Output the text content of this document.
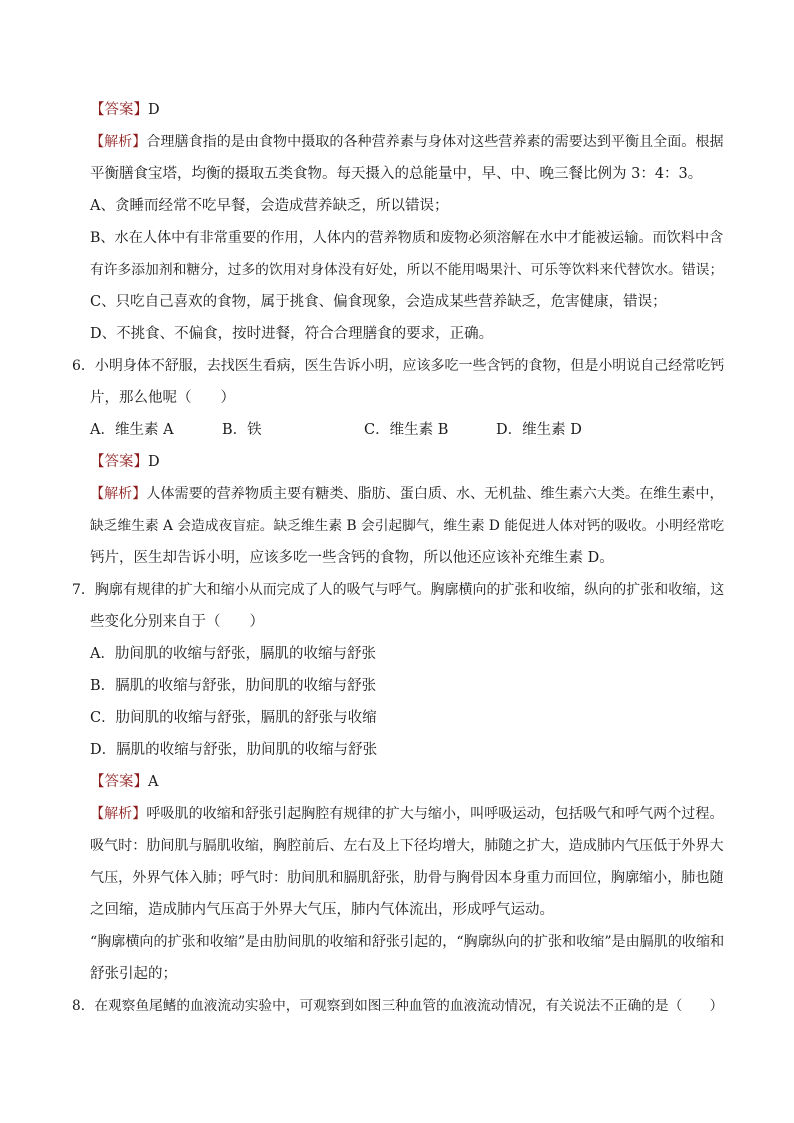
【答案】D
【解析】合理膳食指的是由食物中摄取的各种营养素与身体对这些营养素的需要达到平衡且全面。根据
平衡膳食宝塔，均衡的摄取五类食物。每天摄入的总能量中，早、中、晚三餐比例为 3：4：3。
A、贪睡而经常不吃早餐，会造成营养缺乏，所以错误；
B、水在人体中有非常重要的作用，人体内的营养物质和废物必须溶解在水中才能被运输。而饮料中含
有许多添加剂和糖分，过多的饮用对身体没有好处，所以不能用喝果汁、可乐等饮料来代替饮水。错误；
C、只吃自己喜欢的食物，属于挑食、偏食现象，会造成某些营养缺乏，危害健康，错误；
D、不挑食、不偏食，按时进餐，符合合理膳食的要求，正确。
6．小明身体不舒服，去找医生看病，医生告诉小明，应该多吃一些含钙的食物，但是小明说自己经常吃钙
片，那么他呢（　　）
A．维生素 A	B．铁	C．维生素 B	D．维生素 D
【答案】D
【解析】人体需要的营养物质主要有糖类、脂肪、蛋白质、水、无机盐、维生素六大类。在维生素中，
缺乏维生素 A 会造成夜盲症。缺乏维生素 B 会引起脚气，维生素 D 能促进人体对钙的吸收。小明经常吃
钙片，医生却告诉小明，应该多吃一些含钙的食物，所以他还应该补充维生素 D。
7．胸廓有规律的扩大和缩小从而完成了人的吸气与呼气。胸廓横向的扩张和收缩，纵向的扩张和收缩，这
些变化分别来自于（　　）
A．肋间肌的收缩与舒张，膈肌的收缩与舒张
B．膈肌的收缩与舒张，肋间肌的收缩与舒张
C．肋间肌的收缩与舒张，膈肌的舒张与收缩
D．膈肌的收缩与舒张，肋间肌的收缩与舒张
【答案】A
【解析】呼吸肌的收缩和舒张引起胸腔有规律的扩大与缩小，叫呼吸运动，包括吸气和呼气两个过程。
吸气时：肋间肌与膈肌收缩，胸腔前后、左右及上下径均增大，肺随之扩大，造成肺内气压低于外界大
气压，外界气体入肺；呼气时：肋间肌和膈肌舒张，肋骨与胸骨因本身重力而回位，胸廓缩小，肺也随
之回缩，造成肺内气压高于外界大气压，肺内气体流出，形成呼气运动。
“胸廓横向的扩张和收缩”是由肋间肌的收缩和舒张引起的，“胸廓纵向的扩张和收缩”是由膈肌的收缩和
舒张引起的；
8．在观察鱼尾鳍的血液流动实验中，可观察到如图三种血管的血液流动情况，有关说法不正确的是（　　）
